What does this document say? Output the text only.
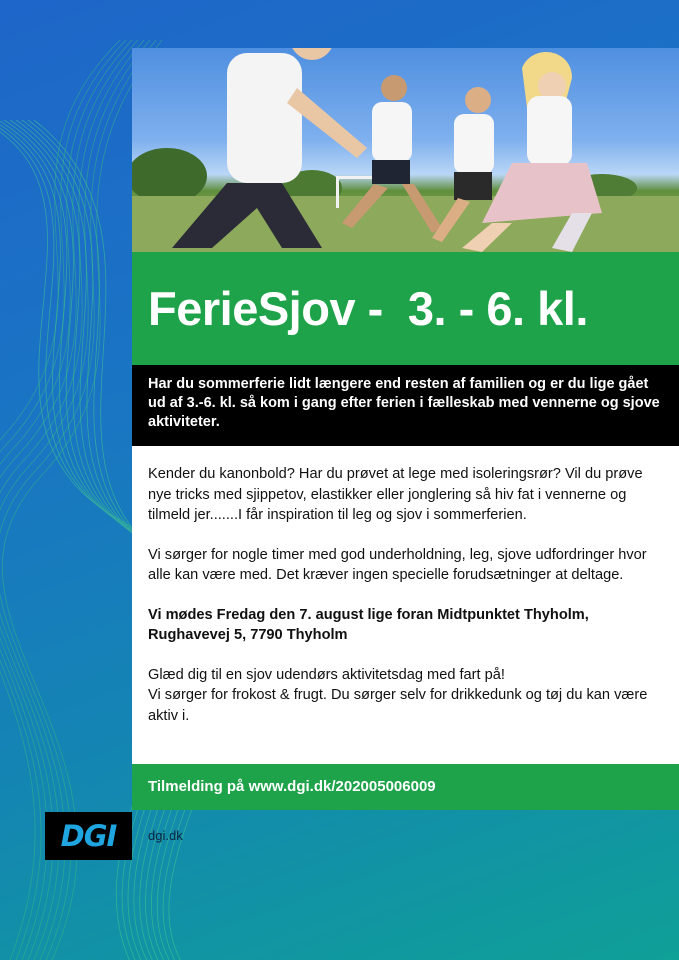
FerieSjov -  3. - 6. kl.

Har du sommerferie lidt længere end resten af familien og er du lige gået ud af 3.-6. kl. så kom i gang efter ferien i fælleskab med vennerne og sjove aktiviteter.

Kender du kanonbold? Har du prøvet at lege med isoleringsrør? Vil du prøve nye tricks med sjippetov, elastikker eller jonglering så hiv fat i vennerne og tilmeld jer.......I får inspiration til leg og sjov i sommerferien.

Vi sørger for nogle timer med god underholdning, leg, sjove udfordringer hvor alle kan være med. Det kræver ingen specielle forudsætninger at deltage.

Vi mødes Fredag den 7. august lige foran Midtpunktet Thyholm, Rughavevej 5, 7790 Thyholm

Glæd dig til en sjov udendørs aktivitetsdag med fart på!
Vi sørger for frokost & frugt. Du sørger selv for drikkedunk og tøj du kan være aktiv i.

Tilmelding på www.dgi.dk/202005006009
DGI dgi.dk
